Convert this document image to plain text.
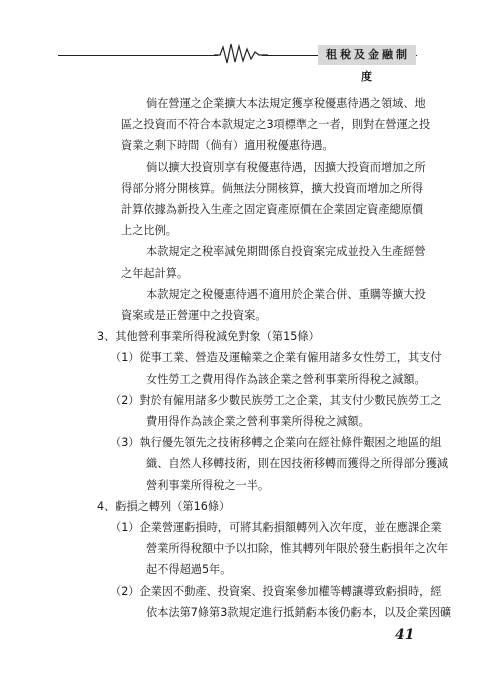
租稅及金融制度
倘在營運之企業擴大本法規定獲享稅優惠待遇之領域、地
區之投資而不符合本款規定之3項標準之一者，則對在營運之投
資業之剩下時間（倘有）適用稅優惠待遇。
倘以擴大投資別享有稅優惠待遇，因擴大投資而增加之所
得部分將分開核算。倘無法分開核算，擴大投資而增加之所得
計算依據為新投入生產之固定資產原價在企業固定資產總原價
上之比例。
本款規定之稅率減免期間係自投資案完成並投入生產經營
之年起計算。
本款規定之稅優惠待遇不適用於企業合併、重購等擴大投
資案或是正營運中之投資案。
3、其他營利事業所得稅減免對象（第15條）
（1）從事工業、營造及運輸業之企業有僱用諸多女性勞工，其支付
女性勞工之費用得作為該企業之營利事業所得稅之減額。
（2）對於有僱用諸多少數民族勞工之企業，其支付少數民族勞工之
費用得作為該企業之營利事業所得稅之減額。
（3）執行優先領先之技術移轉之企業向在經社條件艱困之地區的組
織、自然人移轉技術，則在因技術移轉而獲得之所得部分獲減
營利事業所得稅之一半。
4、虧損之轉列（第16條）
（1）企業營運虧損時，可將其虧損額轉列入次年度，並在應課企業
營業所得稅額中予以扣除，惟其轉列年限於發生虧損年之次年
起不得超過5年。
（2）企業因不動產、投資案、投資案參加權等轉讓導致虧損時，經
依本法第7條第3款規定進行抵銷虧本後仍虧本，以及企業因礦
41
